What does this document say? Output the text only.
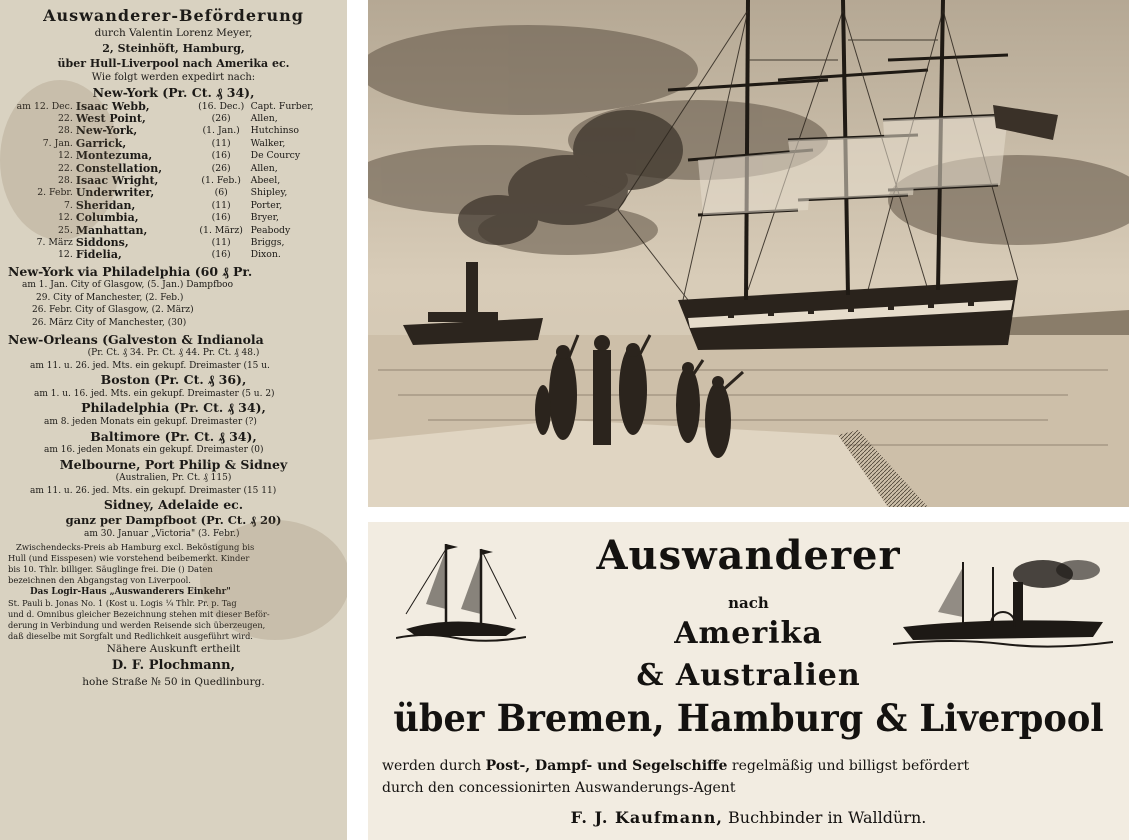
Auswanderer-Beförderung
durch Valentin Lorenz Meyer,
2, Steinhöft, Hamburg,
über Hull-Liverpool nach Amerika ec.
Wie folgt werden expedirt nach:
New-York (Pr. Ct. ₰ 34),
am 12. Dec. Isaac Webb,	(16. Dec.) Capt. Furber,
22. West Point,	(26)	Allen,
28. New-York,	(1. Jan.)	Hutchinso
7. Jan. Garrick,	(11)	Walker,
12. Montezuma,	(16)	De Courcy
22. Constellation,	(26)	Allen,
28. Isaac Wright,	(1. Feb.)	Abeel,
2. Febr. Underwriter,	(6)	Shipley,
7. Sheridan,	(11)	Porter,
12. Columbia,	(16)	Bryer,
25. Manhattan,	(1. März) Peabody
7. März Siddons,	(11)	Briggs,
12. Fidelia,	(16)	Dixon.
New-York via Philadelphia (60 ₰ Pr.
am 1. Jan. City of Glasgow, (5. Jan.) Dampfboo
29. City of Manchester, (2. Feb.)
26. Febr. City of Glasgow, (2. März)
26. März City of Manchester, (30)
New-Orleans (Galveston & Indianola
(Pr. Ct. ₰ 34. Pr. Ct. ₰ 44. Pr. Ct. ₰ 48.)
am 11. u. 26. jed. Mts. ein gekupf. Dreimaster (15 u.
Boston (Pr. Ct. ₰ 36),
am 1. u. 16. jed. Mts. ein gekupf. Dreimaster (5 u. 2)
Philadelphia (Pr. Ct. ₰ 34),
am 8. jeden Monats ein gekupf. Dreimaster (?)
Baltimore (Pr. Ct. ₰ 34),
am 16. jeden Monats ein gekupf. Dreimaster (0)
Melbourne, Port Philip & Sidney
(Australien, Pr. Ct. ₰ 115)
am 11. u. 26. jed. Mts. ein gekupf. Dreimaster (15 11)
Sidney, Adelaide ec.
ganz per Dampfboot (Pr. Ct. ₰ 20)
am 30. Januar „Victoria" (3. Febr.)
Zwischendecks-Preis ab Hamburg excl. Beköstigung bis
Hull (und Eisspesen) wie vorstehend beibemerkt. Kinder
bis 10. Thlr. billiger. Säuglinge frei. Die () Daten
bezeichnen den Abgangstag von Liverpool.
Das Logir-Haus „Auswanderers Einkehr"
St. Pauli b. Jonas No. 1 (Kost u. Logis ¼ Thlr. Pr. p. Tag
und d. Omnibus gleicher Bezeichnung stehen mit dieser Beför-
derung in Verbindung und werden Reisende sich überzeugen,
daß dieselbe mit Sorgfalt und Redlichkeit ausgeführt wird.
Nähere Auskunft ertheilt
D. F. Plochmann,
hohe Straße № 50 in Quedlinburg.
Auswanderer
nach
Amerika
& Australien
über Bremen, Hamburg & Liverpool
werden durch Post-, Dampf- und Segelschiffe regelmäßig und billigst befördert
durch den concessionirten Auswanderungs-Agent
F. J. Kaufmann, Buchbinder in Walldürn.
